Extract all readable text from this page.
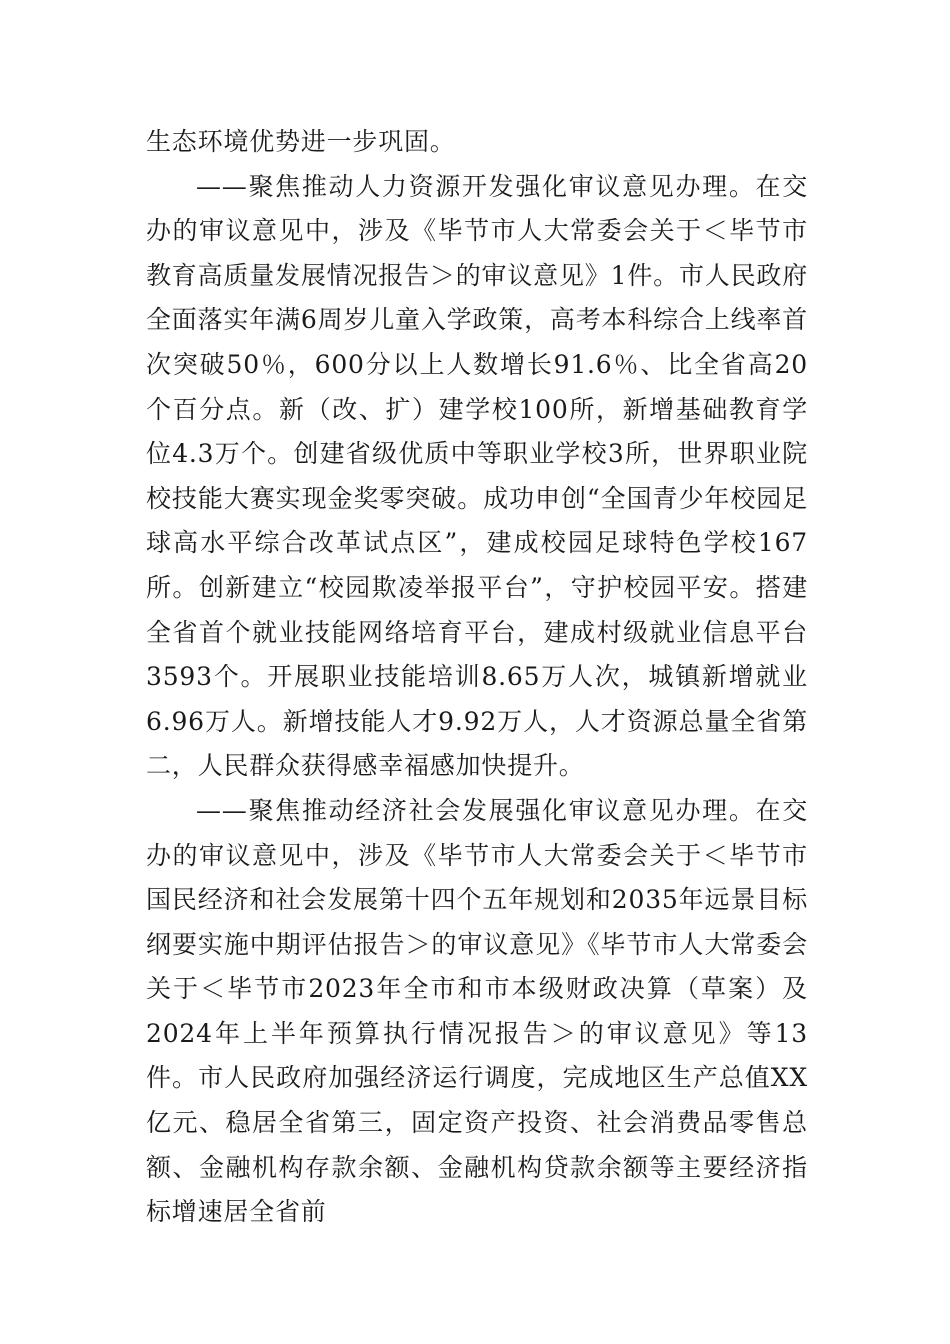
生态环境优势进一步巩固。

——聚焦推动人力资源开发强化审议意见办理。在交办的审议意见中，涉及《毕节市人大常委会关于＜毕节市教育高质量发展情况报告＞的审议意见》1件。市人民政府全面落实年满6周岁儿童入学政策，高考本科综合上线率首次突破50％，600分以上人数增长91.6％、比全省高20个百分点。新（改、扩）建学校100所，新增基础教育学位4.3万个。创建省级优质中等职业学校3所，世界职业院校技能大赛实现金奖零突破。成功申创“全国青少年校园足球高水平综合改革试点区”，建成校园足球特色学校167所。创新建立“校园欺凌举报平台”，守护校园平安。搭建全省首个就业技能网络培育平台，建成村级就业信息平台3593个。开展职业技能培训8.65万人次，城镇新增就业6.96万人。新增技能人才9.92万人，人才资源总量全省第二，人民群众获得感幸福感加快提升。

——聚焦推动经济社会发展强化审议意见办理。在交办的审议意见中，涉及《毕节市人大常委会关于＜毕节市国民经济和社会发展第十四个五年规划和2035年远景目标纲要实施中期评估报告＞的审议意见》《毕节市人大常委会关于＜毕节市2023年全市和市本级财政决算（草案）及2024年上半年预算执行情况报告＞的审议意见》等13件。市人民政府加强经济运行调度，完成地区生产总值XX亿元、稳居全省第三，固定资产投资、社会消费品零售总额、金融机构存款余额、金融机构贷款余额等主要经济指标增速居全省前
